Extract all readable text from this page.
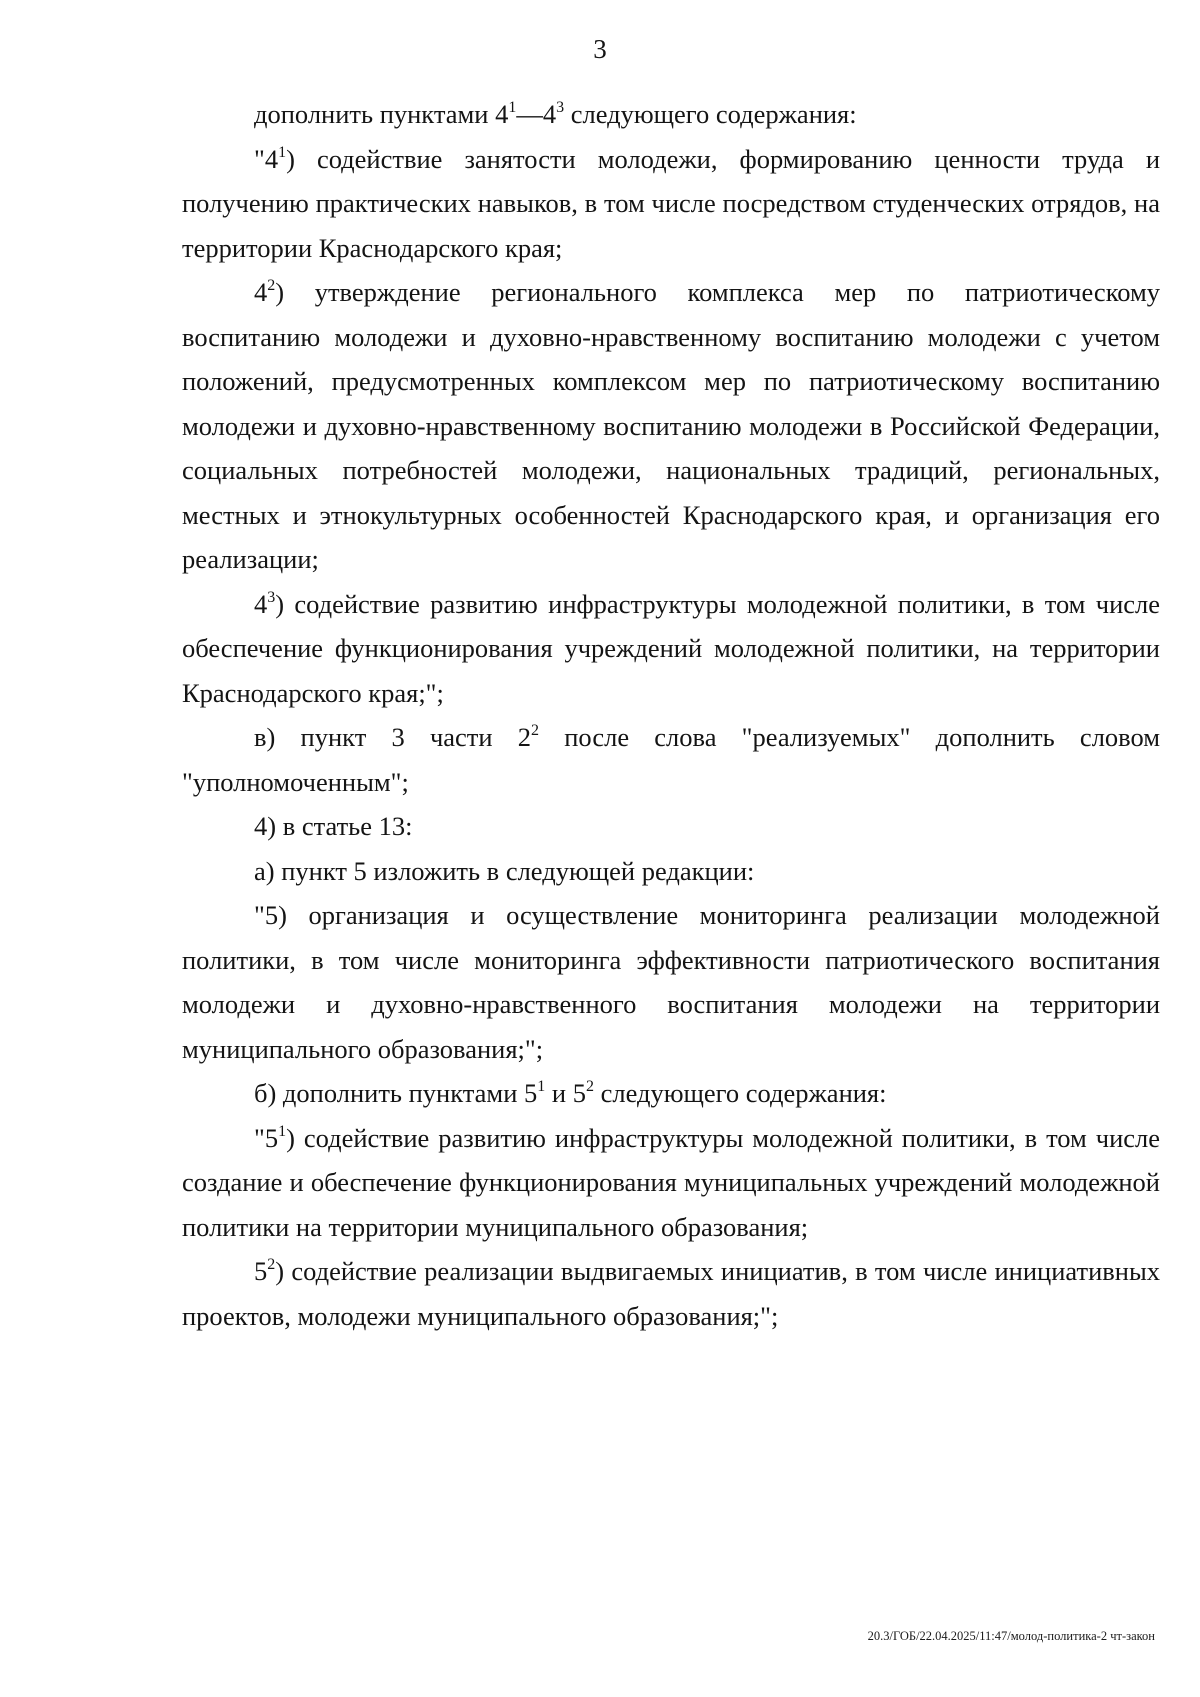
3

дополнить пунктами $4^1—4^3$ следующего содержания:

"$4^1$) содействие занятости молодежи, формированию ценности труда и получению практических навыков, в том числе посредством студенческих отрядов, на территории Краснодарского края;

$4^2$) утверждение регионального комплекса мер по патриотическому воспитанию молодежи и духовно-нравственному воспитанию молодежи с учетом положений, предусмотренных комплексом мер по патриотическому воспитанию молодежи и духовно-нравственному воспитанию молодежи в Российской Федерации, социальных потребностей молодежи, национальных традиций, региональных, местных и этнокультурных особенностей Краснодарского края, и организация его реализации;

$4^3$) содействие развитию инфраструктуры молодежной политики, в том числе обеспечение функционирования учреждений молодежной политики, на территории Краснодарского края;";

в) пункт 3 части $2^2$ после слова "реализуемых" дополнить словом "уполномоченным";

4) в статье 13:

а) пункт 5 изложить в следующей редакции:

"5) организация и осуществление мониторинга реализации молодежной политики, в том числе мониторинга эффективности патриотического воспитания молодежи и духовно-нравственного воспитания молодежи на территории муниципального образования;";

б) дополнить пунктами $5^1$ и $5^2$ следующего содержания:

"$5^1$) содействие развитию инфраструктуры молодежной политики, в том числе создание и обеспечение функционирования муниципальных учреждений молодежной политики на территории муниципального образования;

$5^2$) содействие реализации выдвигаемых инициатив, в том числе инициативных проектов, молодежи муниципального образования;";

20.3/ГОБ/22.04.2025/11:47/молод-политика-2 чт-закон
